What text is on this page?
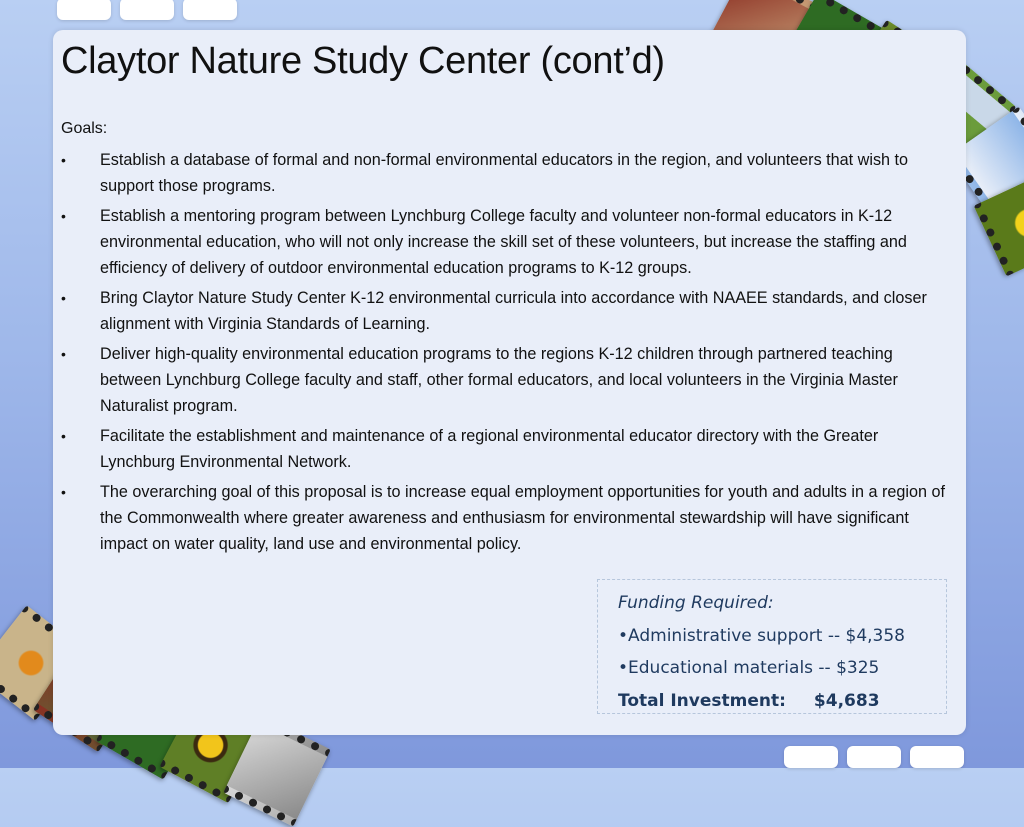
Claytor Nature Study Center (cont’d)
Goals:
• Establish a database of formal and non-formal environmental educators in the region, and volunteers that wish to support those programs.
• Establish a mentoring program between Lynchburg College faculty and volunteer non-formal educators in K-12 environmental education, who will not only increase the skill set of these volunteers, but increase the staffing and efficiency of delivery of outdoor environmental education programs to K-12 groups.
• Bring Claytor Nature Study Center K-12 environmental curricula into accordance with NAAEE standards, and closer alignment with Virginia Standards of Learning.
• Deliver high-quality environmental education programs to the regions K-12 children through partnered teaching between Lynchburg College faculty and staff, other formal educators, and local volunteers in the Virginia Master Naturalist program.
• Facilitate the establishment and maintenance of a regional environmental educator directory with the Greater Lynchburg Environmental Network.
• The overarching goal of this proposal is to increase equal employment opportunities for youth and adults in a region of the Commonwealth where greater awareness and enthusiasm for environmental stewardship will have significant impact on water quality, land use and environmental policy.
Funding Required:
•Administrative support -- $4,358
•Educational materials -- $325
Total Investment: $4,683
